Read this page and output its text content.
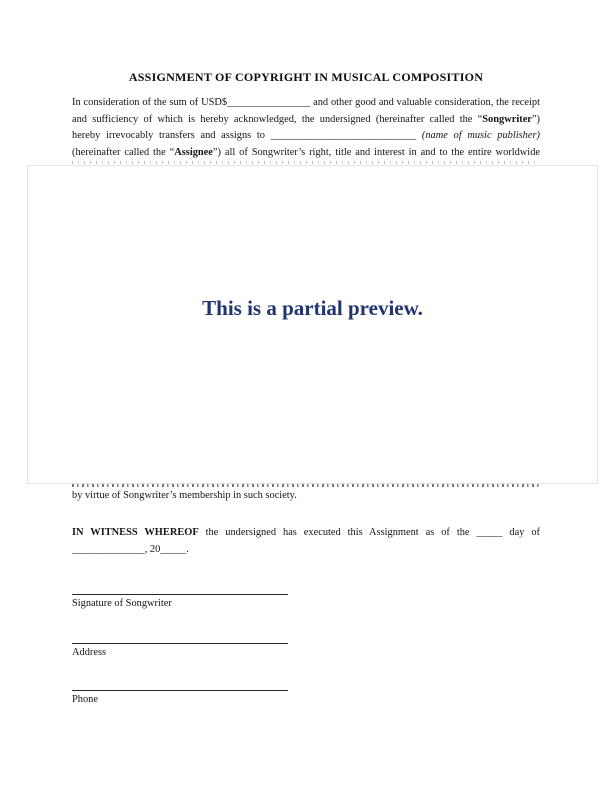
ASSIGNMENT OF COPYRIGHT IN MUSICAL COMPOSITION
In consideration of the sum of USD$________________ and other good and valuable consideration, the receipt
and sufficiency of which is hereby acknowledged, the undersigned (hereinafter called the “Songwriter”)
hereby irrevocably transfers and assigns to ____________________________ (name of music publisher)
(hereinafter called the “Assignee”) all of Songwriter’s right, title and interest in and to the entire worldwide
This is a partial preview.
by virtue of Songwriter’s membership in such society.
IN WITNESS WHEREOF the undersigned has executed this Assignment as of the _____ day of
______________, 20_____.
Signature of Songwriter
Address
Phone
